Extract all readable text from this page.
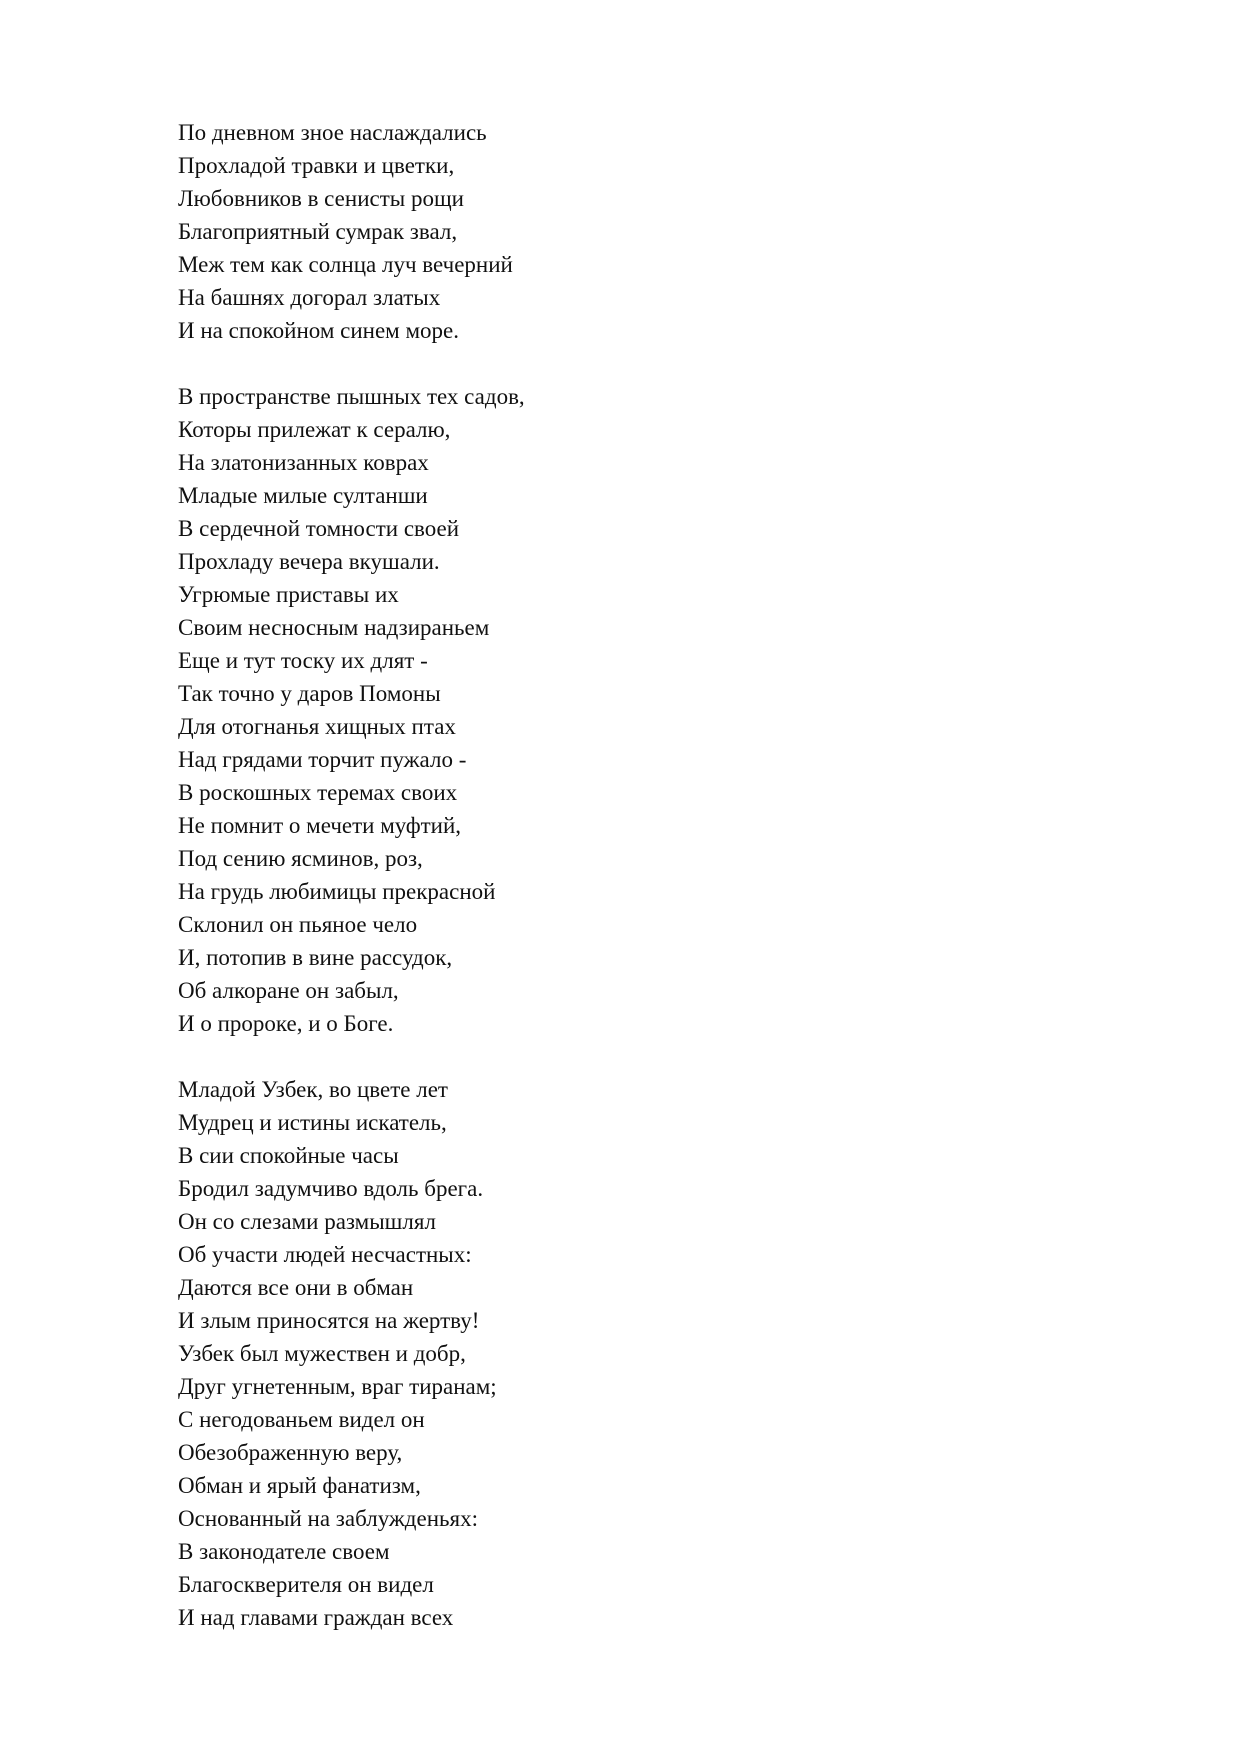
По дневном зное наслаждались
Прохладой травки и цветки,
Любовников в сенисты рощи
Благоприятный сумрак звал,
Меж тем как солнца луч вечерний
На башнях догорал златых
И на спокойном синем море.
В пространстве пышных тех садов,
Которы прилежат к сералю,
На златонизанных коврах
Младые милые султанши
В сердечной томности своей
Прохладу вечера вкушали.
Угрюмые приставы их
Своим несносным надзираньем
Еще и тут тоску их длят -
Так точно у даров Помоны
Для отогнанья хищных птах
Над грядами торчит пужало -
В роскошных теремах своих
Не помнит о мечети муфтий,
Под сению ясминов, роз,
На грудь любимицы прекрасной
Склонил он пьяное чело
И, потопив в вине рассудок,
Об алкоране он забыл,
И о пророке, и о Боге.
Младой Узбек, во цвете лет
Мудрец и истины искатель,
В сии спокойные часы
Бродил задумчиво вдоль брега.
Он со слезами размышлял
Об участи людей несчастных:
Даются все они в обман
И злым приносятся на жертву!
Узбек был мужествен и добр,
Друг угнетенным, враг тиранам;
С негодованьем видел он
Обезображенную веру,
Обман и ярый фанатизм,
Основанный на заблужденьях:
В законодателе своем
Благоскверителя он видел
И над главами граждан всех
